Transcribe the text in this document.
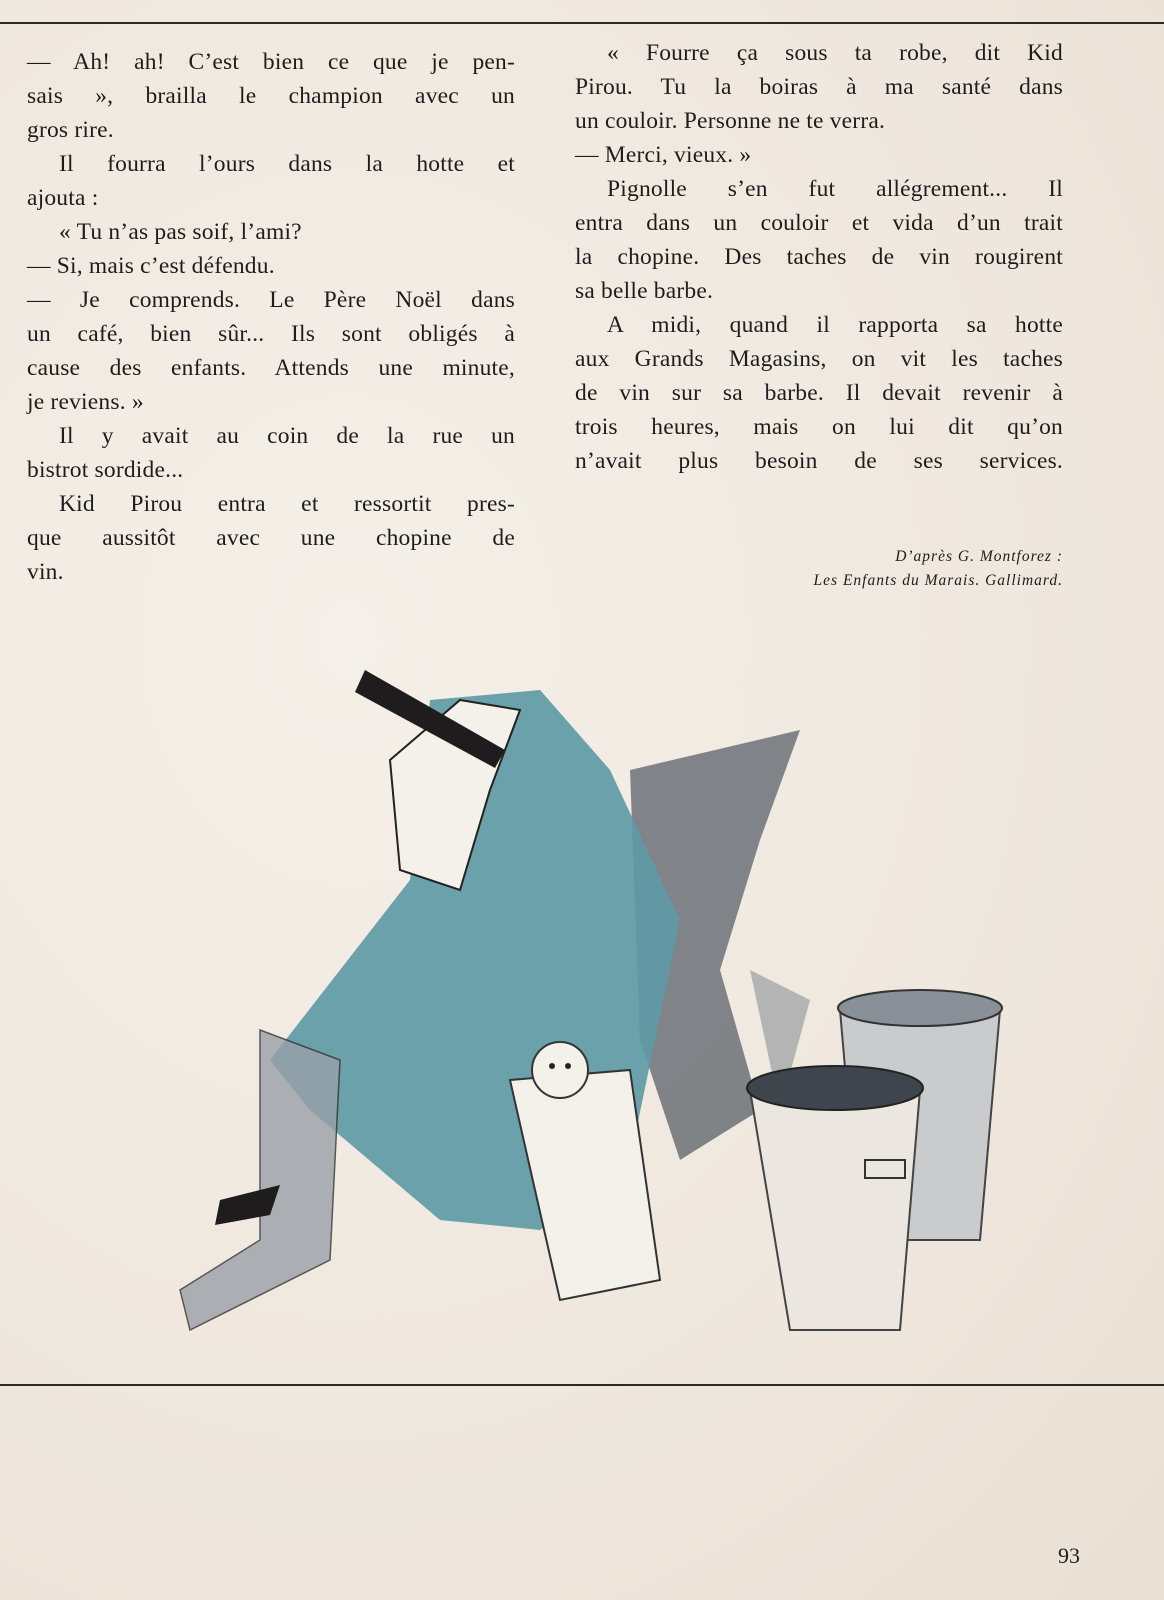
— Ah! ah! C’est bien ce que je pen-
sais », brailla le champion avec un
gros rire.
Il fourra l’ours dans la hotte et
ajouta :
« Tu n’as pas soif, l’ami?
— Si, mais c’est défendu.
— Je comprends. Le Père Noël dans
un café, bien sûr... Ils sont obligés à
cause des enfants. Attends une minute,
je reviens. »
Il y avait au coin de la rue un
bistrot sordide...
Kid Pirou entra et ressortit pres-
que aussitôt avec une chopine de
vin.
« Fourre ça sous ta robe, dit Kid
Pirou. Tu la boiras à ma santé dans
un couloir. Personne ne te verra.
— Merci, vieux. »
Pignolle s’en fut allégrement... Il
entra dans un couloir et vida d’un trait
la chopine. Des taches de vin rougirent
sa belle barbe.
A midi, quand il rapporta sa hotte
aux Grands Magasins, on vit les taches
de vin sur sa barbe. Il devait revenir à
trois heures, mais on lui dit qu’on
n’avait plus besoin de ses services.
D’après G. Montforez :
Les Enfants du Marais. Gallimard.
93
